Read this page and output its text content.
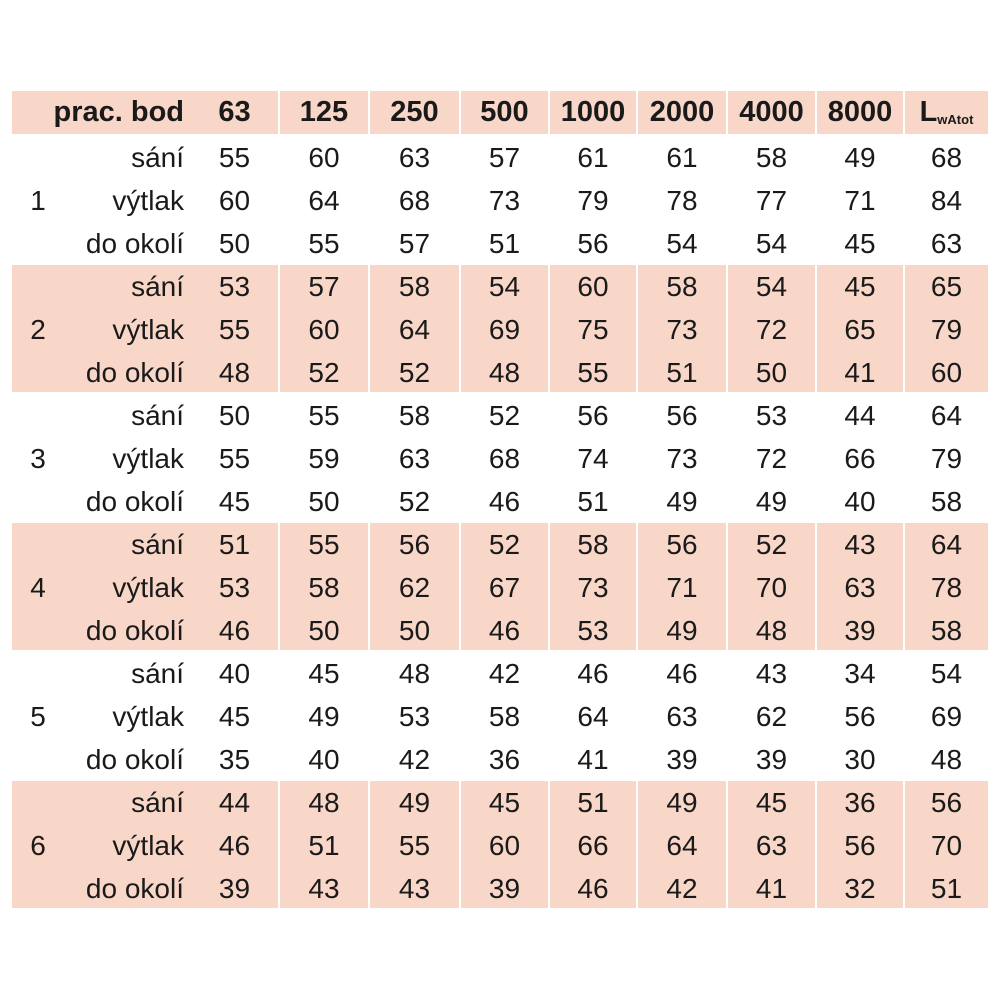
prac. bod	63	125	250	500	1000 2000 4000 8000 $L_{wAtot}$
1
sání	55	60	63	57	61	61	58	49	68
výtlak	60	64	68	73	79	78	77	71	84
do okolí	50	55	57	51	56	54	54	45	63
2
sání	53	57	58	54	60	58	54	45	65
výtlak	55	60	64	69	75	73	72	65	79
do okolí	48	52	52	48	55	51	50	41	60
3
sání	50	55	58	52	56	56	53	44	64
výtlak	55	59	63	68	74	73	72	66	79
do okolí	45	50	52	46	51	49	49	40	58
4
sání	51	55	56	52	58	56	52	43	64
výtlak	53	58	62	67	73	71	70	63	78
do okolí	46	50	50	46	53	49	48	39	58
5
sání	40	45	48	42	46	46	43	34	54
výtlak	45	49	53	58	64	63	62	56	69
do okolí	35	40	42	36	41	39	39	30	48
6
sání	44	48	49	45	51	49	45	36	56
výtlak	46	51	55	60	66	64	63	56	70
do okolí	39	43	43	39	46	42	41	32	51
